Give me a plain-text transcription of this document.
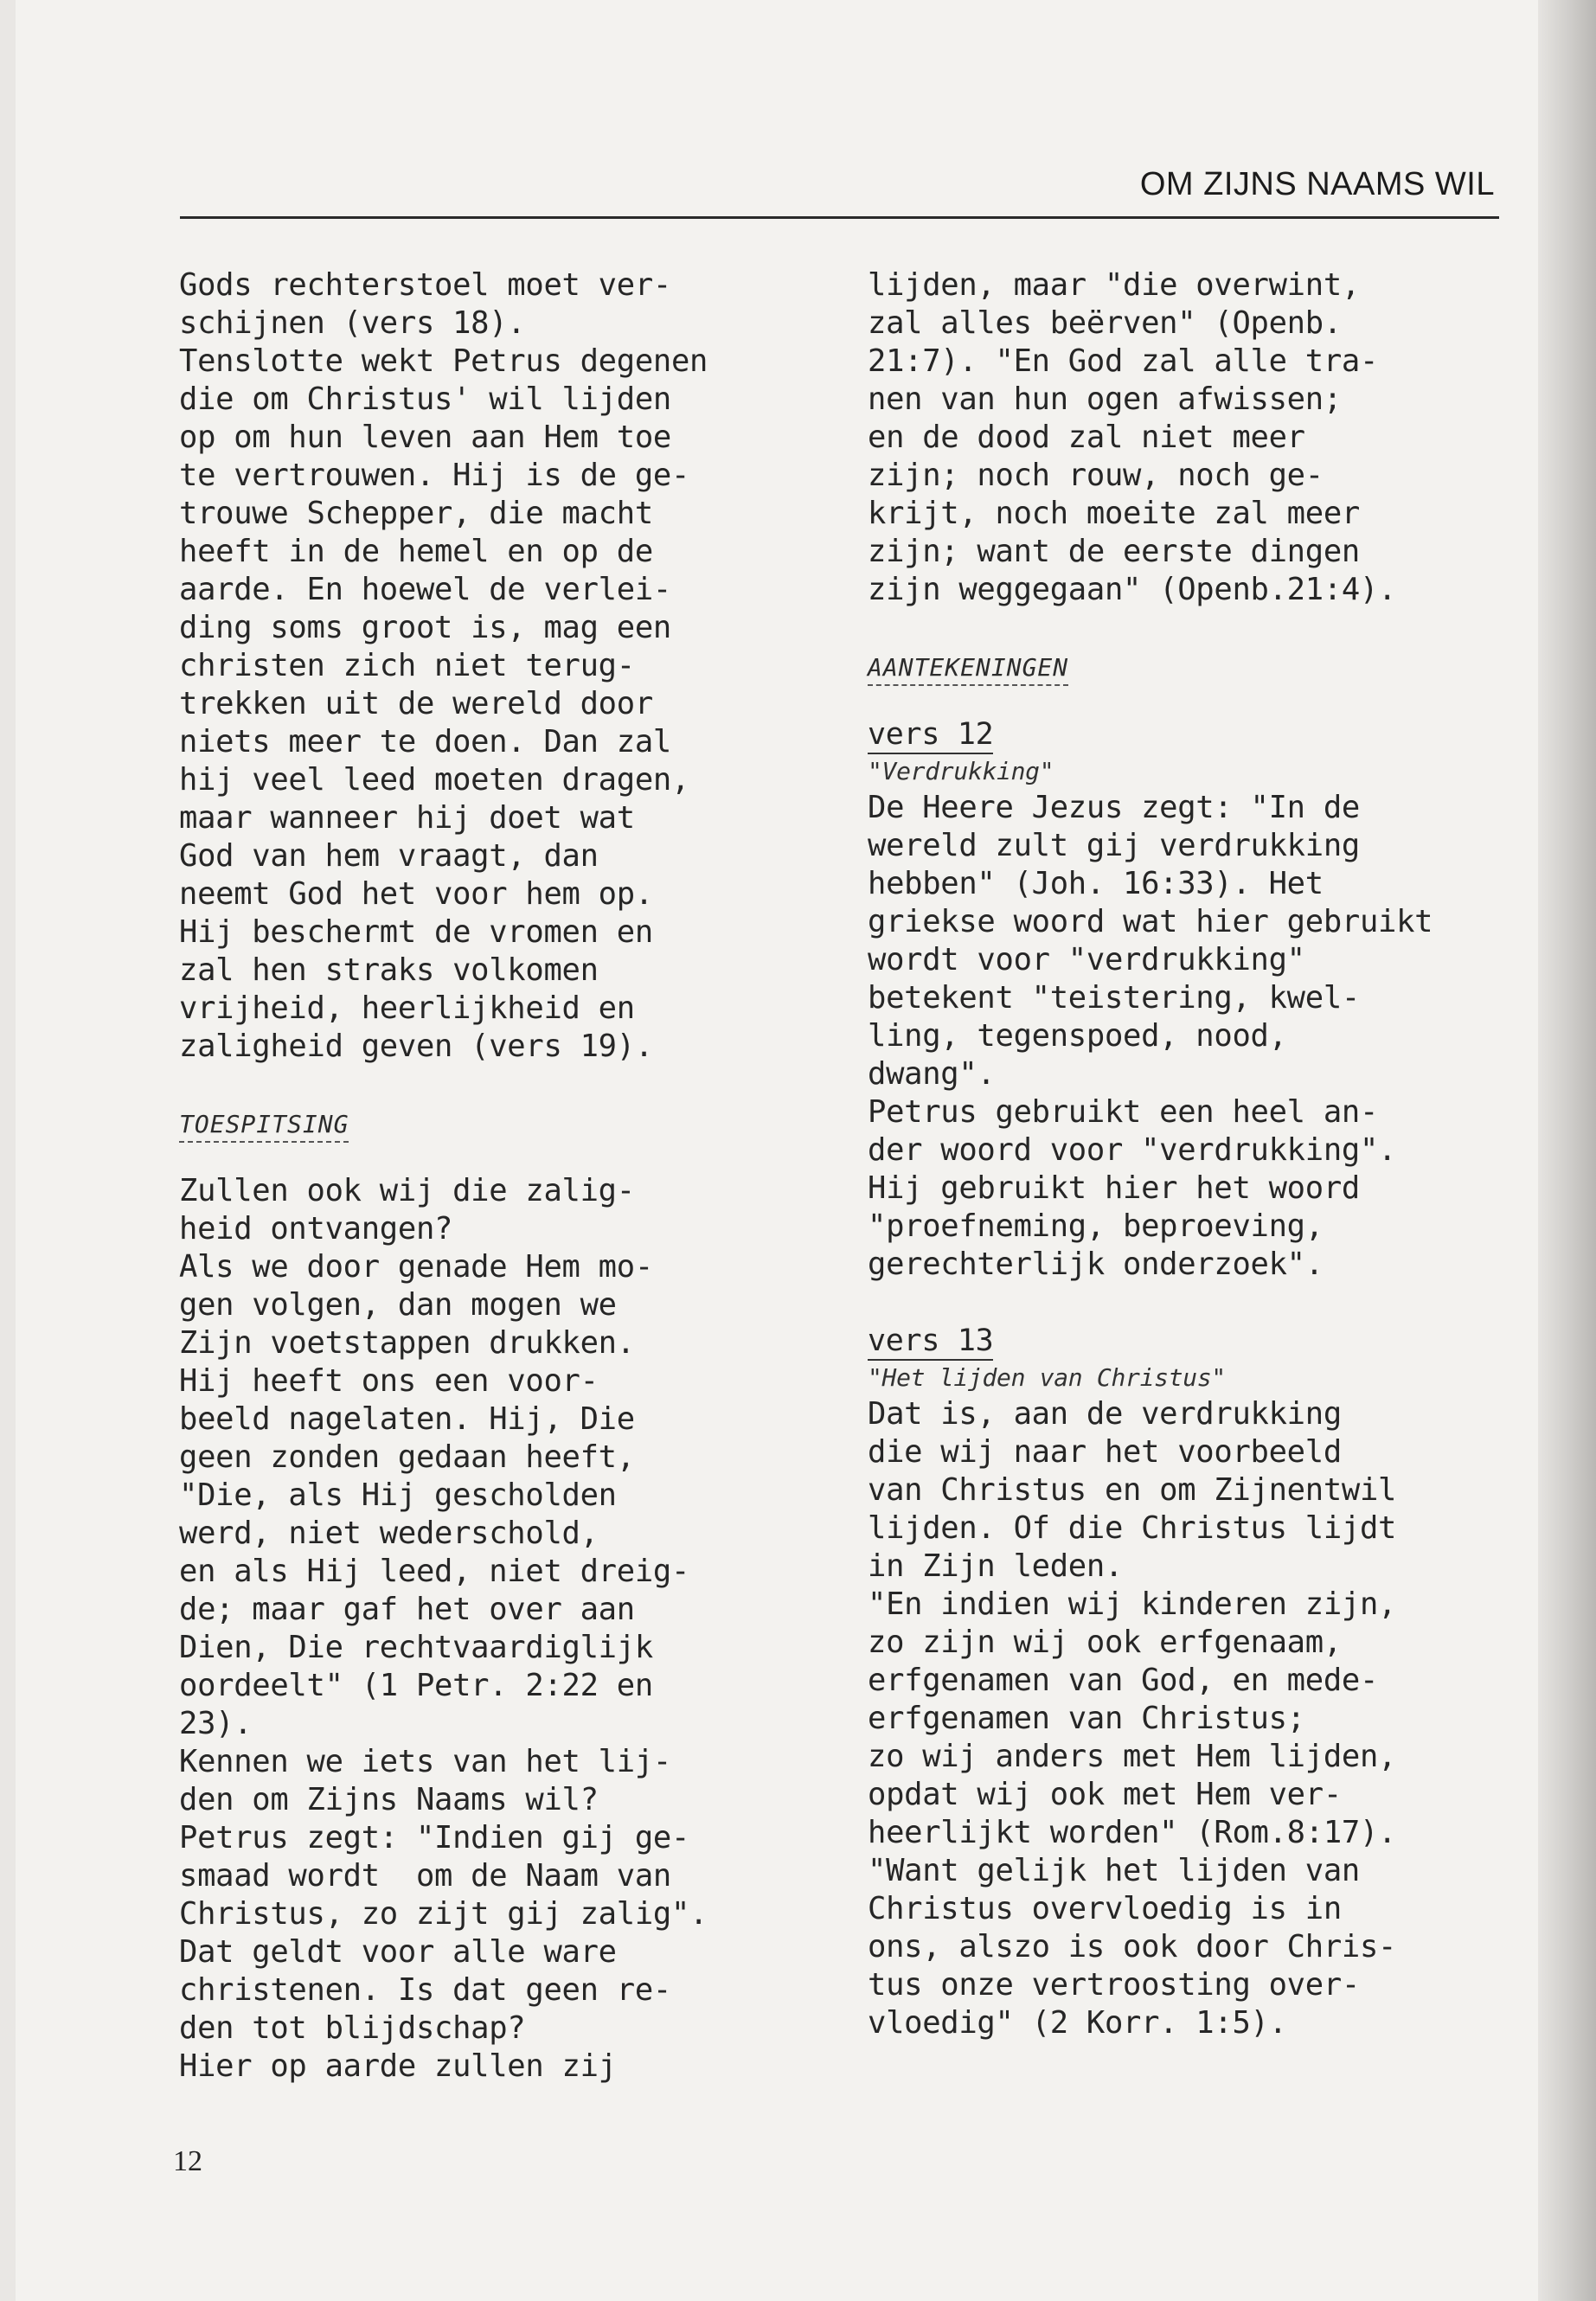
OM ZIJNS NAAMS WIL
Gods rechterstoel moet ver-
schijnen (vers 18).
Tenslotte wekt Petrus degenen
die om Christus' wil lijden
op om hun leven aan Hem toe
te vertrouwen. Hij is de ge-
trouwe Schepper, die macht
heeft in de hemel en op de
aarde. En hoewel de verlei-
ding soms groot is, mag een
christen zich niet terug-
trekken uit de wereld door
niets meer te doen. Dan zal
hij veel leed moeten dragen,
maar wanneer hij doet wat
God van hem vraagt, dan
neemt God het voor hem op.
Hij beschermt de vromen en
zal hen straks volkomen
vrijheid, heerlijkheid en
zaligheid geven (vers 19).
TOESPITSING
Zullen ook wij die zalig-
heid ontvangen?
Als we door genade Hem mo-
gen volgen, dan mogen we
Zijn voetstappen drukken.
Hij heeft ons een voor-
beeld nagelaten. Hij, Die
geen zonden gedaan heeft,
"Die, als Hij gescholden
werd, niet wederschold,
en als Hij leed, niet dreig-
de; maar gaf het over aan
Dien, Die rechtvaardiglijk
oordeelt" (1 Petr. 2:22 en
23).
Kennen we iets van het lij-
den om Zijns Naams wil?
Petrus zegt: "Indien gij ge-
smaad wordt  om de Naam van
Christus, zo zijt gij zalig".
Dat geldt voor alle ware
christenen. Is dat geen re-
den tot blijdschap?
Hier op aarde zullen zij
lijden, maar "die overwint,
zal alles beërven" (Openb.
21:7). "En God zal alle tra-
nen van hun ogen afwissen;
en de dood zal niet meer
zijn; noch rouw, noch ge-
krijt, noch moeite zal meer
zijn; want de eerste dingen
zijn weggegaan" (Openb.21:4).
AANTEKENINGEN
vers 12
"Verdrukking"
De Heere Jezus zegt: "In de
wereld zult gij verdrukking
hebben" (Joh. 16:33). Het
griekse woord wat hier gebruikt
wordt voor "verdrukking"
betekent "teistering, kwel-
ling, tegenspoed, nood,
dwang".
Petrus gebruikt een heel an-
der woord voor "verdrukking".
Hij gebruikt hier het woord
"proefneming, beproeving,
gerechterlijk onderzoek".
vers 13
"Het lijden van Christus"
Dat is, aan de verdrukking
die wij naar het voorbeeld
van Christus en om Zijnentwil
lijden. Of die Christus lijdt
in Zijn leden.
"En indien wij kinderen zijn,
zo zijn wij ook erfgenaam,
erfgenamen van God, en mede-
erfgenamen van Christus;
zo wij anders met Hem lijden,
opdat wij ook met Hem ver-
heerlijkt worden" (Rom.8:17).
"Want gelijk het lijden van
Christus overvloedig is in
ons, alszo is ook door Chris-
tus onze vertroosting over-
vloedig" (2 Korr. 1:5).
12
